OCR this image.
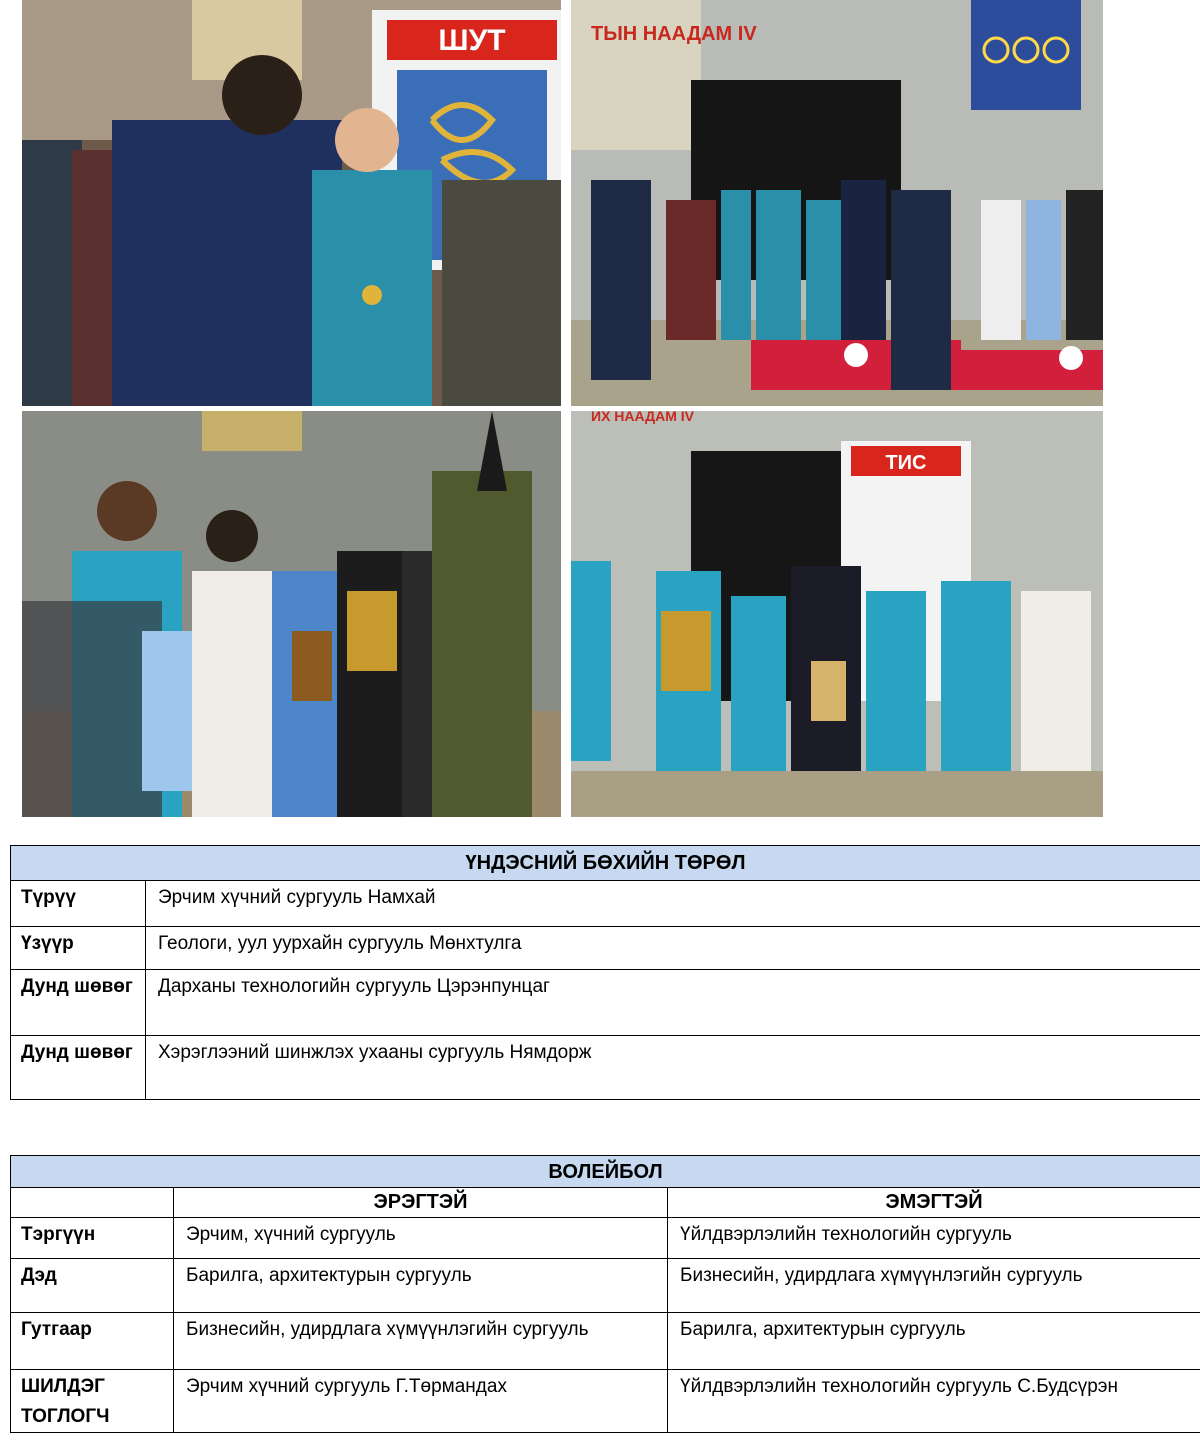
ШУТ	ТЫН НААДАМ IV
ТИС
ИХ НААДАМ IV
ҮНДЭСНИЙ БӨХИЙН ТӨРӨЛ	
Түрүү	Эрчим хүчний сургууль Намхай
Үзүүр	Геологи, уул уурхайн сургууль Мөнхтулга
Дунд шөвөг	Дарханы технологийн сургууль Цэрэнпунцаг
Дунд шөвөг	Хэрэглээний шинжлэх ухааны сургууль Нямдорж
ВОЛЕЙБОЛ		
	ЭРЭГТЭЙ	ЭМЭГТЭЙ
Тэргүүн	Эрчим, хүчний сургууль	Үйлдвэрлэлийн технологийн сургууль
Дэд	Барилга, архитектурын сургууль	Бизнесийн, удирдлага хүмүүнлэгийн сургууль
Гутгаар	Бизнесийн, удирдлага хүмүүнлэгийн сургууль	Барилга, архитектурын сургууль
ШИЛДЭГ ТОГЛОГЧ	Эрчим хүчний сургууль Г.Төрмандах	Үйлдвэрлэлийн технологийн сургууль С.Будсүрэн
